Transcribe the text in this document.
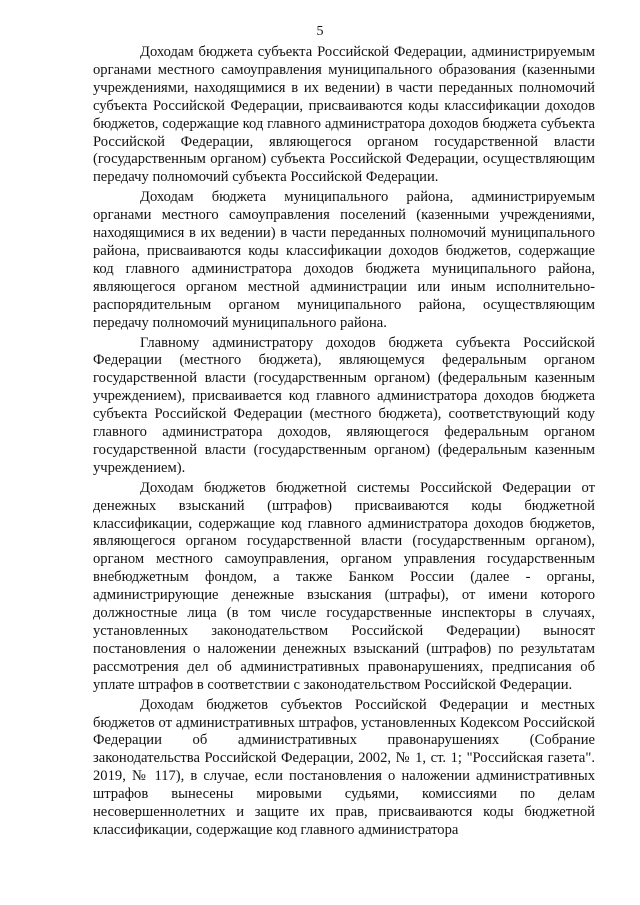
5

Доходам бюджета субъекта Российской Федерации, администрируемым органами местного самоуправления муниципального образования (казенными учреждениями, находящимися в их ведении) в части переданных полномочий субъекта Российской Федерации, присваиваются коды классификации доходов бюджетов, содержащие код главного администратора доходов бюджета субъекта Российской Федерации, являющегося органом государственной власти (государственным органом) субъекта Российской Федерации, осуществляющим передачу полномочий субъекта Российской Федерации.

Доходам бюджета муниципального района, администрируемым органами местного самоуправления поселений (казенными учреждениями, находящимися в их ведении) в части переданных полномочий муниципального района, присваиваются коды классификации доходов бюджетов, содержащие код главного администратора доходов бюджета муниципального района, являющегося органом местной администрации или иным исполнительно-распорядительным органом муниципального района, осуществляющим передачу полномочий муниципального района.

Главному администратору доходов бюджета субъекта Российской Федерации (местного бюджета), являющемуся федеральным органом государственной власти (государственным органом) (федеральным казенным учреждением), присваивается код главного администратора доходов бюджета субъекта Российской Федерации (местного бюджета), соответствующий коду главного администратора доходов, являющегося федеральным органом государственной власти (государственным органом) (федеральным казенным учреждением).

Доходам бюджетов бюджетной системы Российской Федерации от денежных взысканий (штрафов) присваиваются коды бюджетной классификации, содержащие код главного администратора доходов бюджетов, являющегося органом государственной власти (государственным органом), органом местного самоуправления, органом управления государственным внебюджетным фондом, а также Банком России (далее - органы, администрирующие денежные взыскания (штрафы), от имени которого должностные лица (в том числе государственные инспекторы в случаях, установленных законодательством Российской Федерации) выносят постановления о наложении денежных взысканий (штрафов) по результатам рассмотрения дел об административных правонарушениях, предписания об уплате штрафов в соответствии с законодательством Российской Федерации.

Доходам бюджетов субъектов Российской Федерации и местных бюджетов от административных штрафов, установленных Кодексом Российской Федерации об административных правонарушениях (Собрание законодательства Российской Федерации, 2002, № 1, ст. 1; "Российская газета". 2019, № 117), в случае, если постановления о наложении административных штрафов вынесены мировыми судьями, комиссиями по делам несовершеннолетних и защите их прав, присваиваются коды бюджетной классификации, содержащие код главного администратора
